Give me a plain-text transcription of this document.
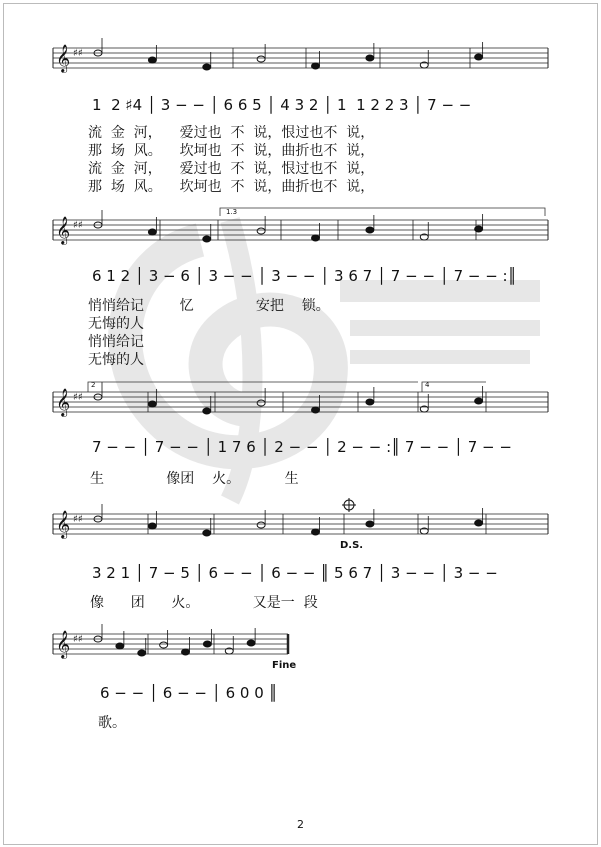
𝄞 ♯♯
𝄞 ♯♯
𝄞 ♯♯
𝄞 ♯♯
𝄞 ♯♯
1  2 ♯4 │ 3 − − │ 6 6 5 │ 4 3 2 │ 1  1 2 2 3 │ 7 − −
6 1 2 │ 3 − 6 │ 3 − − │ 3 − − │ 3 6 7 │ 7 − − │ 7 − − :║
7 − − │ 7 − − │ 1 7 6 │ 2 − − │ 2 − − :║ 7 − − │ 7 − −
3 2 1 │ 7 − 5 │ 6 − − │ 6 − − ║ 5 6 7 │ 3 − − │ 3 − −
6 − − │ 6 − − │ 6 0 0 ║
流  金  河，    爱过也  不  说，恨过也不  说，
那  场  风。    坎坷也  不  说，曲折也不  说，
流  金  河，    爱过也  不  说，恨过也不  说，
那  场  风。    坎坷也  不  说，曲折也不  说，
悄悄给记        忆              安把    锁。
无悔的人
悄悄给记
无悔的人
生              像团    火。          生
像      团      火。            又是一  段
歌。
D.S.
Fine
1.3
2	4
2
